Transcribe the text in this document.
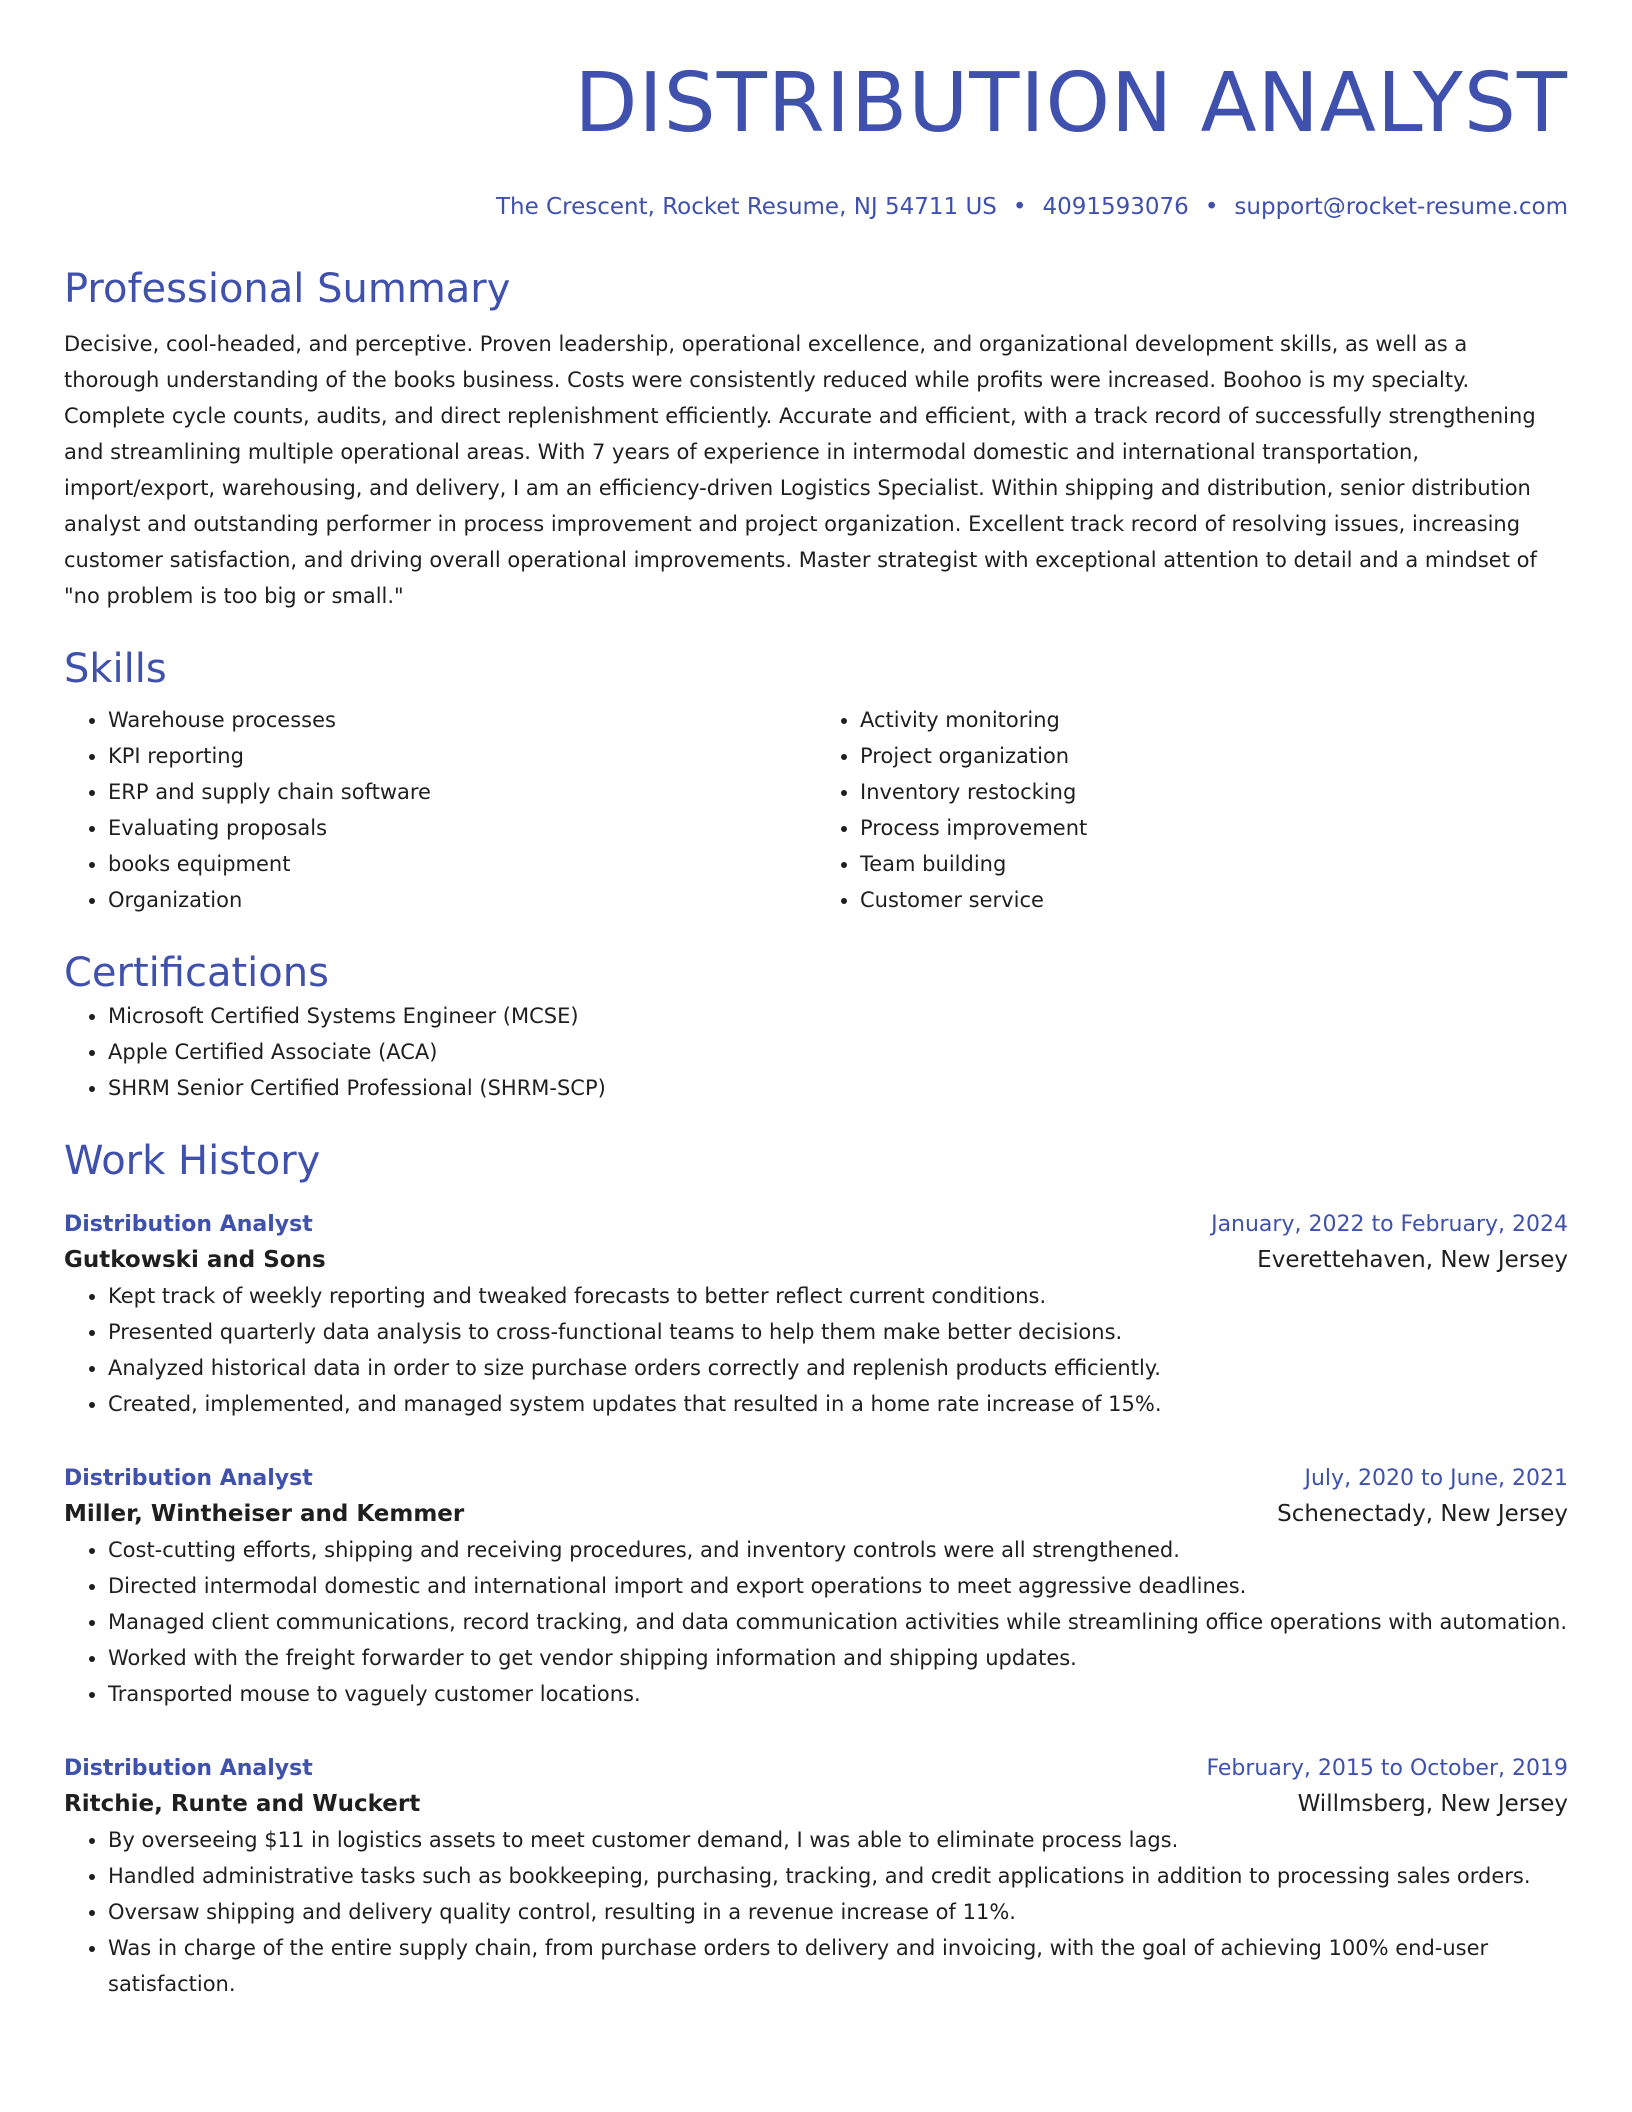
DISTRIBUTION ANALYST
The Crescent, Rocket Resume, NJ 54711 US • 4091593076 • support@rocket-resume.com
Professional Summary
Decisive, cool-headed, and perceptive. Proven leadership, operational excellence, and organizational development skills, as well as a thorough understanding of the books business. Costs were consistently reduced while profits were increased. Boohoo is my specialty. Complete cycle counts, audits, and direct replenishment efficiently. Accurate and efficient, with a track record of successfully strengthening and streamlining multiple operational areas. With 7 years of experience in intermodal domestic and international transportation, import/export, warehousing, and delivery, I am an efficiency-driven Logistics Specialist. Within shipping and distribution, senior distribution analyst and outstanding performer in process improvement and project organization. Excellent track record of resolving issues, increasing customer satisfaction, and driving overall operational improvements. Master strategist with exceptional attention to detail and a mindset of "no problem is too big or small."
Skills
• Warehouse processes
• KPI reporting
• ERP and supply chain software
• Evaluating proposals
• books equipment
• Organization
• Activity monitoring
• Project organization
• Inventory restocking
• Process improvement
• Team building
• Customer service
Certifications
• Microsoft Certified Systems Engineer (MCSE)
• Apple Certified Associate (ACA)
• SHRM Senior Certified Professional (SHRM-SCP)
Work History
Distribution Analyst	January, 2022 to February, 2024
Gutkowski and Sons	Everettehaven, New Jersey
• Kept track of weekly reporting and tweaked forecasts to better reflect current conditions.
• Presented quarterly data analysis to cross-functional teams to help them make better decisions.
• Analyzed historical data in order to size purchase orders correctly and replenish products efficiently.
• Created, implemented, and managed system updates that resulted in a home rate increase of 15%.
Distribution Analyst	July, 2020 to June, 2021
Miller, Wintheiser and Kemmer	Schenectady, New Jersey
• Cost-cutting efforts, shipping and receiving procedures, and inventory controls were all strengthened.
• Directed intermodal domestic and international import and export operations to meet aggressive deadlines.
• Managed client communications, record tracking, and data communication activities while streamlining office operations with automation.
• Worked with the freight forwarder to get vendor shipping information and shipping updates.
• Transported mouse to vaguely customer locations.
Distribution Analyst	February, 2015 to October, 2019
Ritchie, Runte and Wuckert	Willmsberg, New Jersey
• By overseeing $11 in logistics assets to meet customer demand, I was able to eliminate process lags.
• Handled administrative tasks such as bookkeeping, purchasing, tracking, and credit applications in addition to processing sales orders.
• Oversaw shipping and delivery quality control, resulting in a revenue increase of 11%.
• Was in charge of the entire supply chain, from purchase orders to delivery and invoicing, with the goal of achieving 100% end-user satisfaction.
